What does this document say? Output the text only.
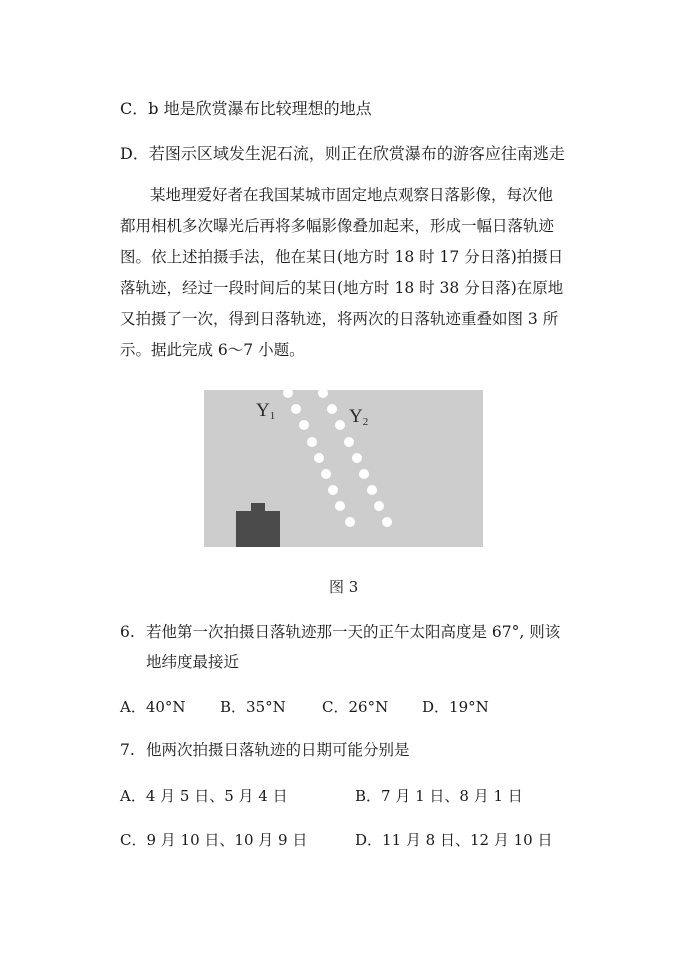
C．b 地是欣赏瀑布比较理想的地点
D．若图示区域发生泥石流，则正在欣赏瀑布的游客应往南逃走
某地理爱好者在我国某城市固定地点观察日落影像，每次他
都用相机多次曝光后再将多幅影像叠加起来，形成一幅日落轨迹
图。依上述拍摄手法，他在某日(地方时 18 时 17 分日落)拍摄日
落轨迹，经过一段时间后的某日(地方时 18 时 38 分日落)在原地
又拍摄了一次，得到日落轨迹，将两次的日落轨迹重叠如图 3 所
示。据此完成 6～7 小题。
$Y_1$	$Y_2$
图 3
6. 若他第一次拍摄日落轨迹那一天的正午太阳高度是 67°, 则该
地纬度最接近
A．40°N B．35°N C．26°N D．19°N
7. 他两次拍摄日落轨迹的日期可能分别是
A．4 月 5 日、5 月 4 日	B．7 月 1 日、8 月 1 日
C．9 月 10 日、10 月 9 日	D．11 月 8 日、12 月 10 日
